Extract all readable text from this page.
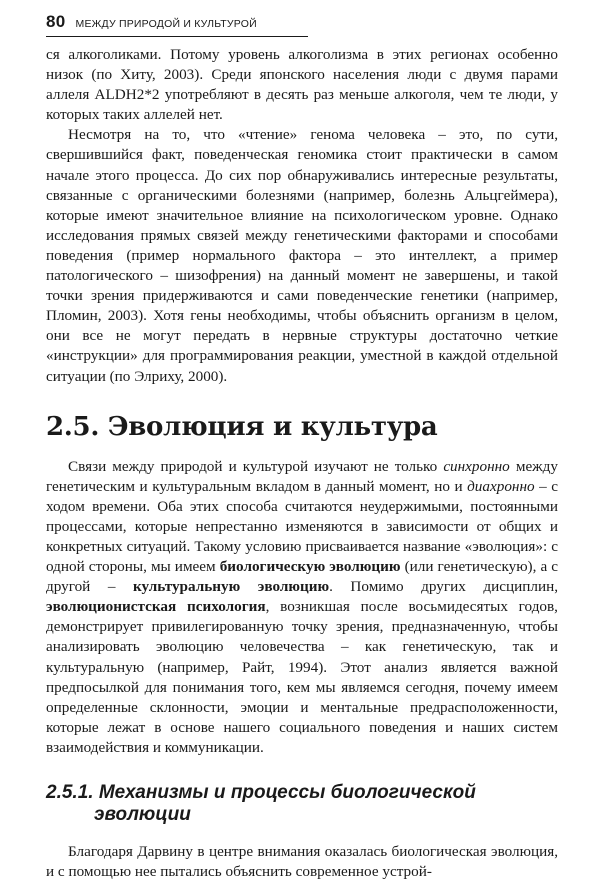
80 МЕЖДУ ПРИРОДОЙ И КУЛЬТУРОЙ

ся алкоголиками. Потому уровень алкоголизма в этих регионах особенно низок (по Хиту, 2003). Среди японского населения люди с двумя парами аллеля ALDH2*2 употребляют в десять раз меньше алкоголя, чем те люди, у которых таких аллелей нет.

Несмотря на то, что «чтение» генома человека – это, по сути, свершившийся факт, поведенческая геномика стоит практически в самом начале этого процесса. До сих пор обнаруживались интересные результаты, связанные с органическими болезнями (например, болезнь Альцгеймера), которые имеют значительное влияние на психологическом уровне. Однако исследования прямых связей между генетическими факторами и способами поведения (пример нормального фактора – это интеллект, а пример патологического – шизофрения) на данный момент не завершены, и такой точки зрения придерживаются и сами поведенческие генетики (например, Пломин, 2003). Хотя гены необходимы, чтобы объяснить организм в целом, они все не могут передать в нервные структуры достаточно четкие «инструкции» для программирования реакции, уместной в каждой отдельной ситуации (по Элриху, 2000).

2.5. Эволюция и культура

Связи между природой и культурой изучают не только синхронно между генетическим и культуральным вкладом в данный момент, но и диахронно – с ходом времени. Оба этих способа считаются неудержимыми, постоянными процессами, которые непрестанно изменяются в зависимости от общих и конкретных ситуаций. Такому условию присваивается название «эволюция»: с одной стороны, мы имеем биологическую эволюцию (или генетическую), а с другой – культуральную эволюцию. Помимо других дисциплин, эволюционистская психология, возникшая после восьмидесятых годов, демонстрирует привилегированную точку зрения, предназначенную, чтобы анализировать эволюцию человечества – как генетическую, так и культуральную (например, Райт, 1994). Этот анализ является важной предпосылкой для понимания того, кем мы являемся сегодня, почему имеем определенные склонности, эмоции и ментальные предрасположенности, которые лежат в основе нашего социального поведения и наших систем взаимодействия и коммуникации.

2.5.1. Механизмы и процессы биологической
эволюции

Благодаря Дарвину в центре внимания оказалась биологическая эволюция, и с помощью нее пытались объяснить современное устрой-
